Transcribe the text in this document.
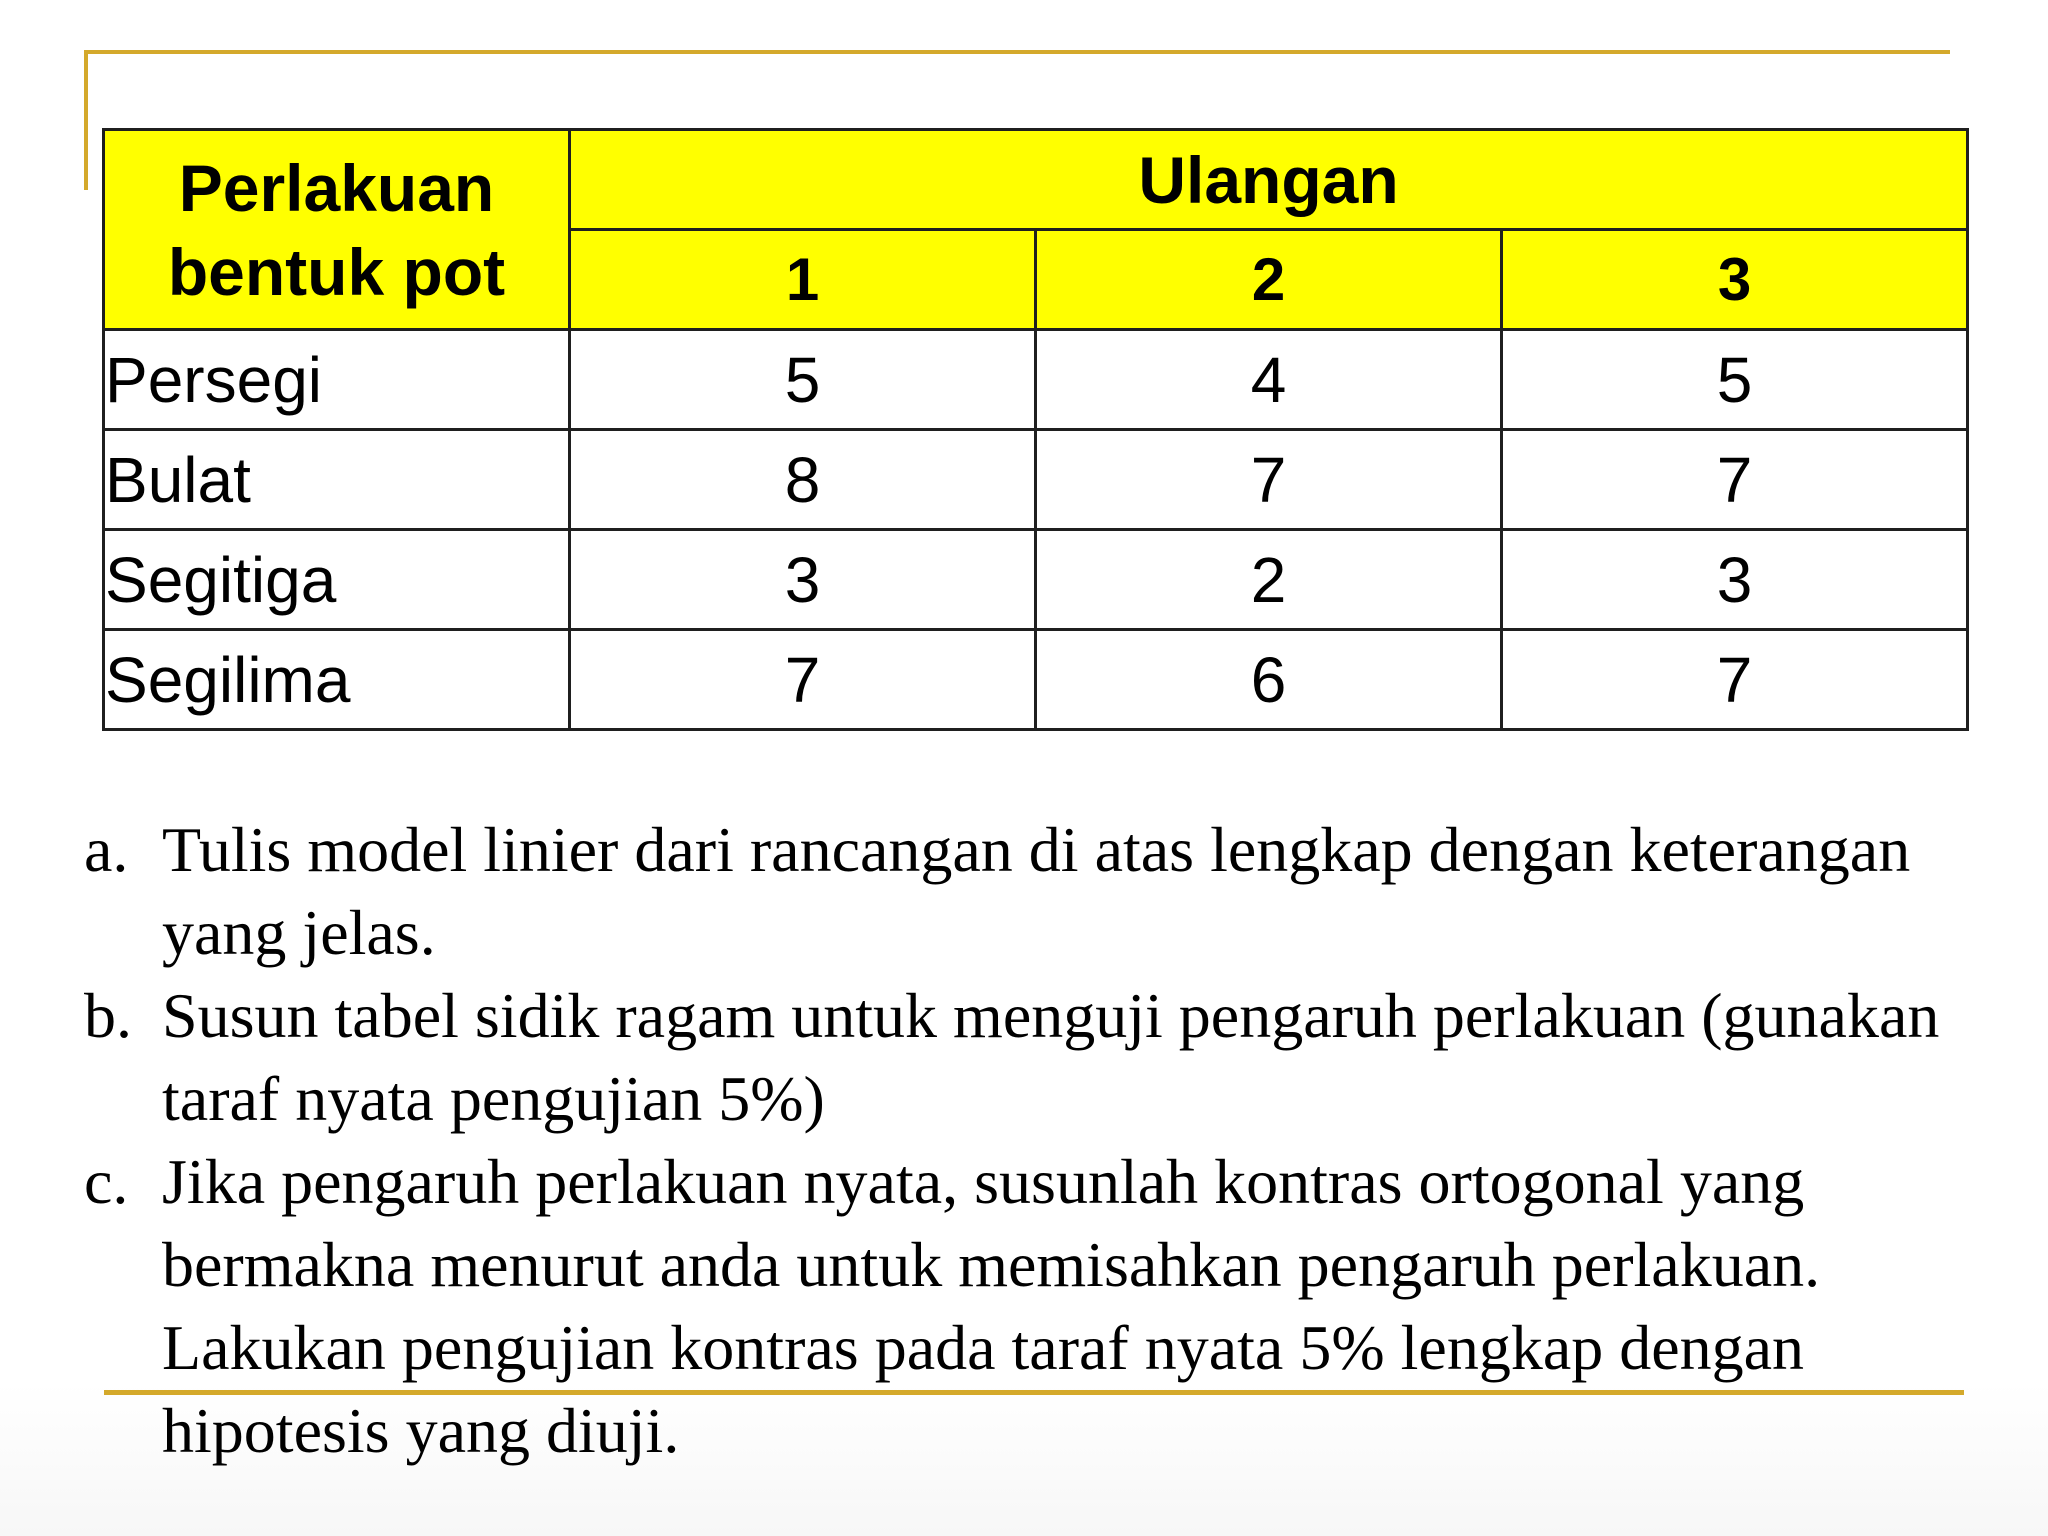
Perlakuan
bentuk pot	Ulangan		
	1	2	3
Persegi	5	4	5
Bulat	8	7	7
Segitiga	3	2	3
Segilima	7	6	7
a. Tulis model linier dari rancangan di atas lengkap dengan keterangan yang jelas.
b. Susun tabel sidik ragam untuk menguji pengaruh perlakuan (gunakan taraf nyata pengujian 5%)
c. Jika pengaruh perlakuan nyata, susunlah kontras ortogonal yang bermakna menurut anda untuk memisahkan pengaruh perlakuan. Lakukan pengujian kontras pada taraf nyata 5% lengkap dengan hipotesis yang diuji.
